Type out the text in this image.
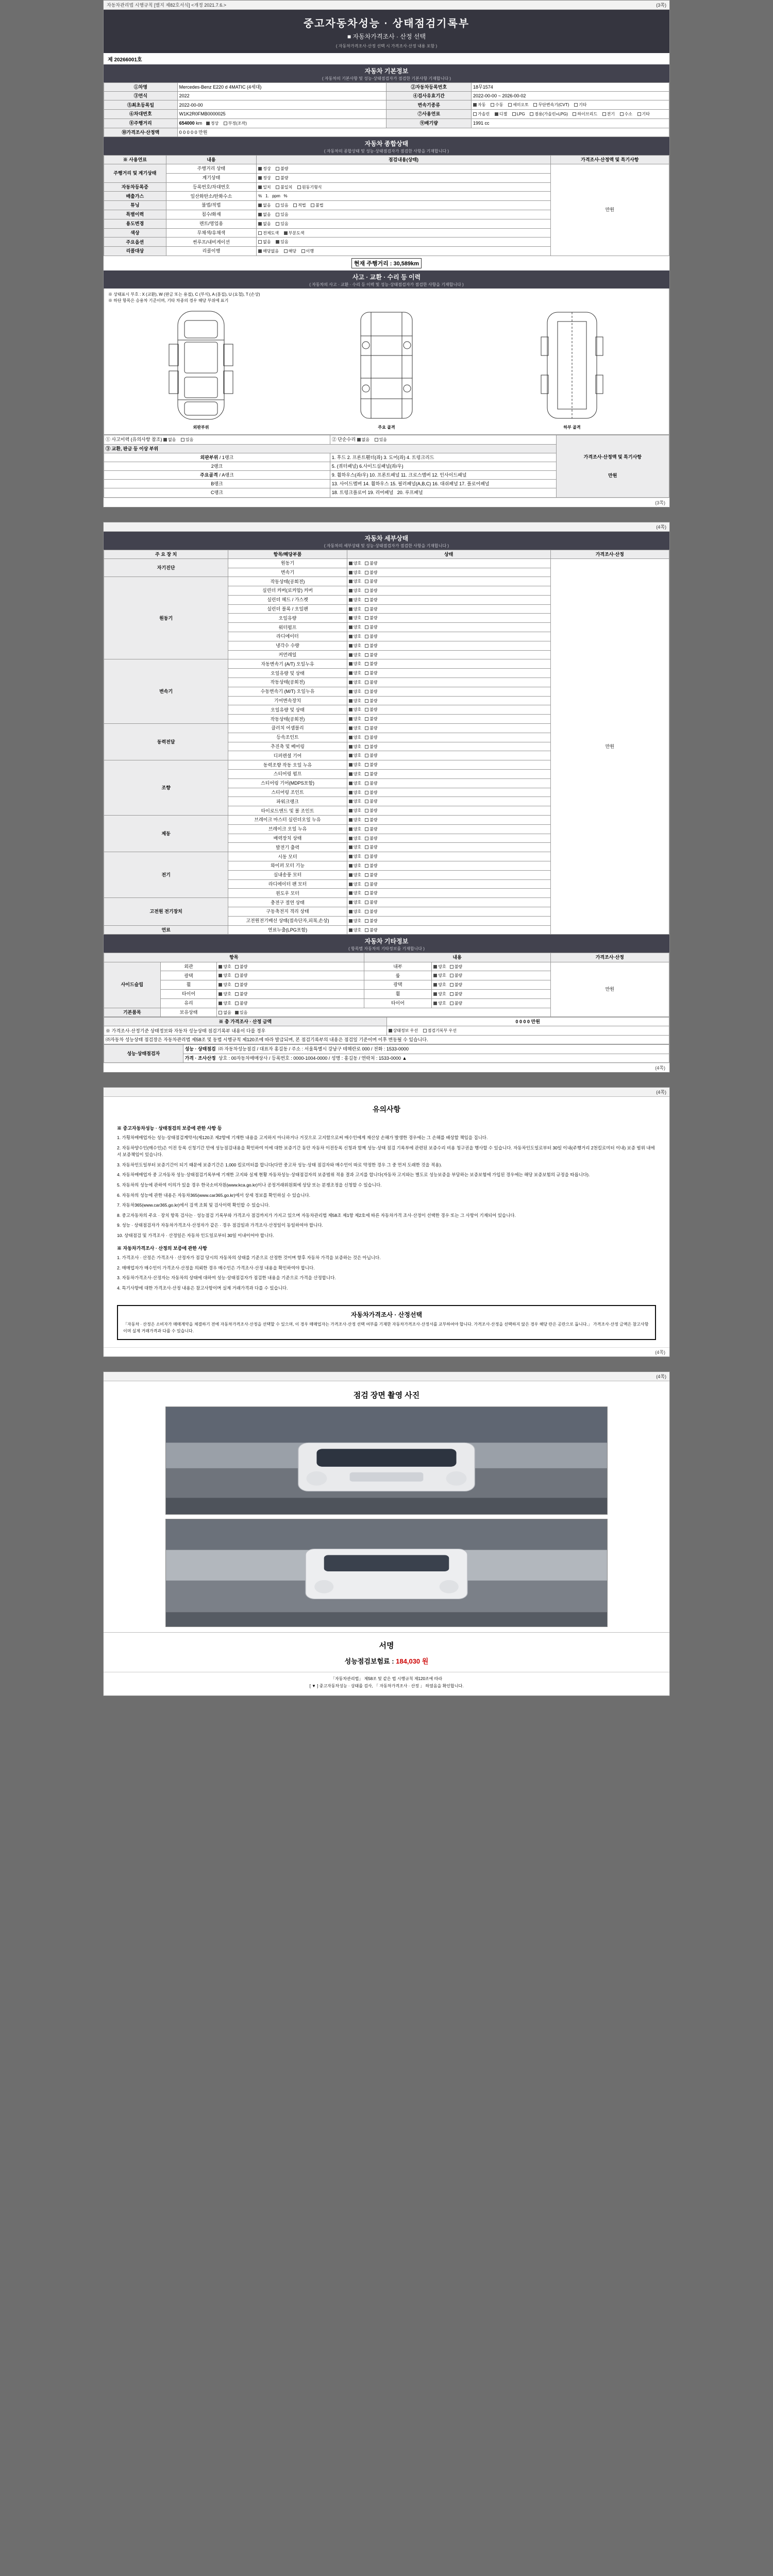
자동차관리법 시행규칙 [별지 제82호서식] <개정 2021.7.6.>	(3쪽)
중고자동차성능 · 상태점검기록부
■ 자동차가격조사 · 산정 선택
( 자동차가격조사·산정 선택 시 가격조사·산정 내용 포함 )
제 20266001호
자동차 기본정보
( 자동차의 기본사항 및 성능·상태점검자가 점검한 기본사항 기재합니다 )
①차명	Mercedes-Benz E220 d 4MATIC (4세대)	②자동차등록번호	18무1574
③연식	2022	④검사유효기간	2022-00-00 ~ 2026-00-02
⑤최초등록일	2022-00-00	변속기종류	자동 수동 세미오토 무단변속기(CVT) 기타
⑥차대번호	W1K2R0FMB0000025	⑦사용연료	가솔린 디젤 LPG 겸용(가솔린+LPG) 하이브리드 전기 수소 기타
⑧주행거리	654000 km 정상 부정(조작)	⑨배기량	1991 cc
⑩가격조사·산정액	0 0 0 0 0 만원		
자동차 종합상태
( 자동차의 종합상태 및 성능·상태점검자가 점검한 사항을 기재합니다 )
※ 사용연료	내용	점검내용(상태)	가격조사·산정액 및 특기사항
주행거리 및 계기상태	주행거리 상태	정상 불량	만원
	계기상태	정상 불량	
자동차등록증	등록번호/차대번호	일치 불일치 원동기형식	
배출가스	일산화탄소/탄화수소	%   1.   ppm   %	
튜닝	불법/적법	없음 있음 적법 불법	
특별이력	침수/화재	없음 있음	
용도변경	렌트/영업용	없음 있음	
색상	무채색/유채색	전체도색 부분도색	
주요옵션	썬루프/내비게이션	없음 있음	
리콜대상	리콜이행	해당없음 해당 이행	
현재 주행거리 : 30,589km
사고 · 교환 · 수리 등 이력
( 자동차의 사고 · 교환 · 수리 등 이력 및 성능·상태점검자가 점검한 사항을 기재합니다 )
※ 상태표시 부호 : X (교환), W (판금 또는 용접), C (부식), A (흠집), U (요철), T (손상)
※ 하단 항목은 승용차 기준이며, 기타 차종의 경우 해당 부위에 표기
외판부위	주요 골격	하부 골격
① 사고이력 (유의사항 참조) 없음 있음	② 단순수리 없음 있음	가격조사·산정액 및 특기사항
만원

③ 교환, 판금 등 이상 부위		
외판부위 / 1랭크	1. 후드 2. 프론트휀더(좌) 3. 도어(좌) 4. 트렁크리드	
2랭크	5. (쿼터패널) 6.사이드실패널(좌/우)	
주요골격 / A랭크	9. 휠하우스(좌/우) 10. 프론트패널 11. 크로스멤버 12. 인사이드패널	
B랭크	13. 사이드멤버 14. 휠하우스 15. 필러패널(A,B,C) 16. 대쉬패널 17. 플로어패널	
C랭크	18. 트렁크플로어 19. 리어패널 20. 루프패널	
(3쪽)
(4쪽)
자동차 세부상태
( 자동차의 세부상태 및 성능·상태점검자가 점검한 사항을 기재합니다 )
주 요 장 치	항목/해당부품	상태	가격조사·산정
자기진단	원동기	양호 불량	만원
	변속기	양호 불량	
원동기	작동상태(공회전)	양호 불량	
	실린더 커버(로커암) 커버	양호 불량	
	실린더 헤드 / 가스켓	양호 불량	
	실린더 블록 / 오일팬	양호 불량	
	오일유량	양호 불량	
	워터펌프	양호 불량	
	라디에이터	양호 불량	
	냉각수 수량	양호 불량	
	커먼레일	양호 불량	
변속기	자동변속기 (A/T) 오일누유	양호 불량	
	오일유량 및 상태	양호 불량	
	작동상태(공회전)	양호 불량	
	수동변속기 (M/T) 오일누유	양호 불량	
	기어변속장치	양호 불량	
	오일유량 및 상태	양호 불량	
	작동상태(공회전)	양호 불량	
동력전달	클러치 어셈블리	양호 불량	
	등속조인트	양호 불량	
	추진축 및 베어링	양호 불량	
	디퍼렌셜 기어	양호 불량	
조향	동력조향 작동 오일 누유	양호 불량	
	스티어링 펌프	양호 불량	
	스티어링 기어(MDPS포함)	양호 불량	
	스티어링 조인트	양호 불량	
	파워크랭크	양호 불량	
	타이로드엔드 및 볼 조인트	양호 불량	
제동	브레이크 마스터 실린더오일 누유	양호 불량	
	브레이크 오일 누유	양호 불량	
	배력장치 상태	양호 불량	
	발전기 출력	양호 불량	
전기	시동 모터	양호 불량	
	와이퍼 모터 기능	양호 불량	
	실내송풍 모터	양호 불량	
	라디에이터 팬 모터	양호 불량	
	윈도우 모터	양호 불량	
고전원 전기장치	충전구 절연 상태	양호 불량	
	구동축전지 격리 상태	양호 불량	
	고전원전기배선 상태(접속단자,피복,손상)	양호 불량	
연료	연료누출(LPG포함)	양호 불량	
자동차 기타정보
( 항목별 자동차의 기타정보를 기재합니다 )
항목			내용		가격조사·산정
사이드슬립	외관	양호 불량	내부	양호 불량	만원
	광택	양호 불량	룸	양호 불량	
	휠	양호 불량	광택	양호 불량	
	타이어	양호 불량	휠	양호 불량	
	유리	양호 불량	타이어	양호 불량	
기본품목	보유상태	없음 있음			
※ 총 가격조사 · 산정 금액	0 0 0 0 만원
※ 가격조사·산정기준 상태정보와 자동차 성능상태 점검기록부 내용이 다를 경우	상태정보 우선 점검기록부 우선
㈜자동차 성능상태 점검장은 자동차관리법 제58조 및 동법 시행규칙 제120조에 따라 발급되며, 본 점검기록부의 내용은 점검일 기준이며 이후 변동될 수 있습니다.	
성능·상태점검자	성능 · 상태점검 ㈜ 자동차성능점검 / 대표자 홍길동 / 주소 : 서울특별시 강남구 테헤란로 000 / 전화 : 1533-0000
가격 · 조사산정 상호 : 00자동차매매상사 / 등록번호 : 0000-1004-0000 / 성명 : 홍길동 / 연락처 : 1533-0000 ▲
(4쪽)
(4쪽)
유의사항
※ 중고자동차성능 · 상태점검의 보증에 관한 사항 등

1. 가횡차매매업자는 성능·상태점검계약서(제120조 제2항에 기재한 내용을 고지하지 아니하거나 거짓으로 고지함으로써 매수인에게 재산상 손해가 발생한 경우에는 그 손해를 배상할 책임을 집니다.

2. 자동차양수인(매수인)은 이전 등록 신청기간 안에 성능점검내용을 확인하여 이에 대한 보증기간 동안 자동차 이전등록 신청과 함께 성능·상태 점검 기록부에 관련된 보증수리 비용 청구권을 행사할 수 있습니다. 자동차인도일로부터 30일 이내(주행거리 2천킬로미터 이내) 보증 범위 내에서 보증책임이 있습니다.

3. 자동차인도일부터 보증기간이 되기 때문에 보증기간은 1,000 킬로미터를 합니다(다만 중고차 성능·상태 점검자와 매수인이 따로 약정한 경우 그 중 먼저 도래한 것을 적용).

4. 자동차매매업자 중 고자동차 성능·상태점검기록부에 기재한 고지와 실제 현황 자동차성능·상태점검자의 보증범위 적용 결과 고지를 합니다(자동차 고지와는 별도로 성능보증을 부담하는 보증보험에 가입된 경우에는 해당 보증보험의 규정을 따릅니다).

5. 자동차의 성능에 관하여 이의가 있을 경우 한국소비자원(www.kca.go.kr)이나 공정거래위원회에 상담 또는 분쟁조정을 신청할 수 있습니다.

6. 자동차의 성능에 관한 내용은 자동차365(www.car365.go.kr)에서 상세 정보를 확인하실 수 있습니다.

7. 자동차365(www.car365.go.kr)에서 검색 조회 및 검사이력 확인할 수 있습니다.

8. 중고자동차의 주요 · 장치 항목 검사는 · 성능점검 기록부와 가격조사 점검까지가 가지고 있으며 자동차관리법 제58조 제1항 제2호에 따른 자동차가격 조사·산정이 선택한 경우 또는 그 사항이 기재되어 있습니다.

9. 성능 · 상태점검자가 자동차가격조사·산정자가 같은 · 경우 점검일과 가격조사·산정일이 동일하여야 합니다.

10. 상태점검 및 가격조사 · 산정일은 자동차 인도일로부터 30일 이내이어야 합니다.

※ 자동차가격조사 · 산정의 보증에 관한 사항

1. 가격조사 · 산정은 가격조사 · 산정자가 점검 당시의 자동차의 상태를 기준으로 산정한 것이며 향후 자동차 가격을 보증하는 것은 아닙니다.

2. 매매업자가 매수인이 가격조사·산정을 의뢰한 경우 매수인은 가격조사·산정 내용을 확인하여야 합니다.

3. 자동차가격조사·산정자는 자동차의 상태에 대하여 성능·상태점검자가 점검한 내용을 기준으로 가격을 산정합니다.

4. 특기사항에 대한 가격조사·산정 내용은 참고사항이며 실제 거래가격과 다를 수 있습니다.

자동차가격조사 · 산정선택
「자동차 · 산정은 소비자가 매매계약을 체결하기 전에 자동차가격조사·산정을 선택할 수 있으며, 이 경우 매매업자는 가격조사·산정 선택 여부를 기재한 자동차가격조사·산정서를 교부하여야 합니다. 가격조사·산정을 선택하지 않은 경우 해당 란은 공란으로 둡니다.」 가격조사·산정 금액은 참고사항이며 실제 거래가격과 다를 수 있습니다.
(4쪽)
(4쪽)
점검 장면 촬영 사진
서명
성능점검보험료 : 184,030 원
「자동차관리법」 제58조 및 같은 법 시행규칙 제120조에 따라
[ ▼ ] 중고자동차성능 · 상태를 검사, 「 자동차가격조사 · 산정 」 하였음을 확인합니다.
